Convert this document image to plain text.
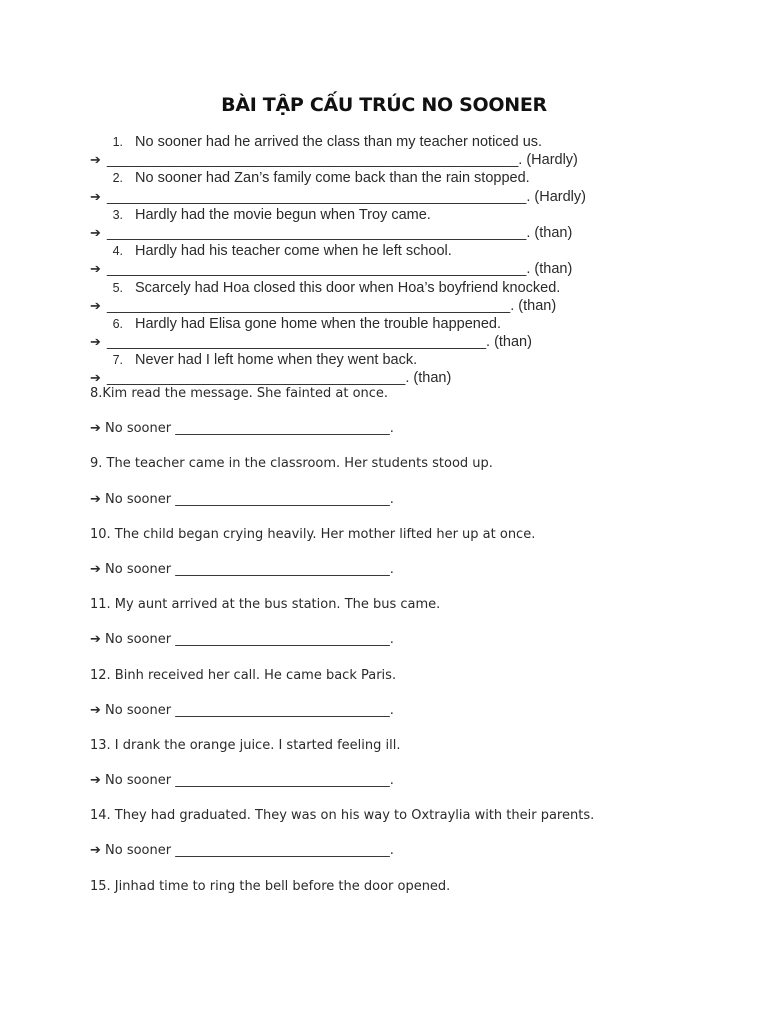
BÀI TẬP CẤU TRÚC NO SOONER
1. No sooner had he arrived the class than my teacher noticed us.
➔ ___________________________________________________. (Hardly)
2. No sooner had Zan’s family come back than the rain stopped.
➔ ____________________________________________________. (Hardly)
3. Hardly had the movie begun when Troy came.
➔ ____________________________________________________. (than)
4. Hardly had his teacher come when he left school.
➔ ____________________________________________________. (than)
5. Scarcely had Hoa closed this door when Hoa’s boyfriend knocked.
➔ __________________________________________________. (than)
6. Hardly had Elisa gone home when the trouble happened.
➔ _______________________________________________. (than)
7. Never had I left home when they went back.
➔ _____________________________________. (than)
8.Kim read the message. She fainted at once.
➔ No sooner _________________________________.
9. The teacher came in the classroom. Her students stood up.
➔ No sooner _________________________________.
10. The child began crying heavily. Her mother lifted her up at once.
➔ No sooner _________________________________.
11. My aunt arrived at the bus station. The bus came.
➔ No sooner _________________________________.
12. Binh received her call. He came back Paris.
➔ No sooner _________________________________.
13. I drank the orange juice. I started feeling ill.
➔ No sooner _________________________________.
14. They had graduated. They was on his way to Oxtraylia with their parents.
➔ No sooner _________________________________.
15. Jinhad time to ring the bell before the door opened.
